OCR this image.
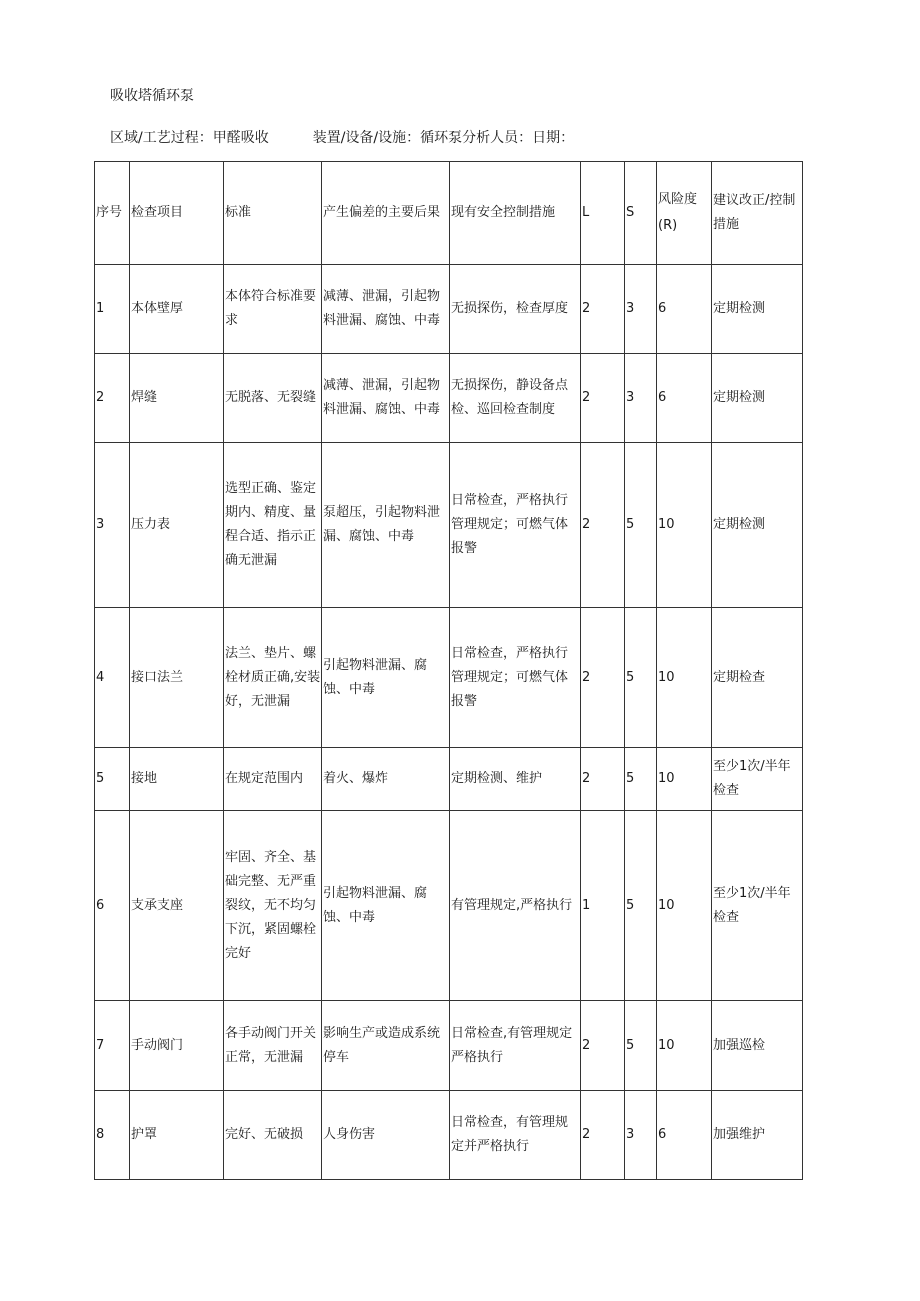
吸收塔循环泵
区域/工艺过程：甲醛吸收	装置/设备/设施：循环泵分析人员：日期：
序号	检查项目	标准	产生偏差的主要后果	现有安全控制措施	L	S	风险度(R)	建议改正/控制措施
1	本体壁厚	本体符合标准要求	减薄、泄漏，引起物料泄漏、腐蚀、中毒	无损探伤，检查厚度	2	3	6	定期检测
2	焊缝	无脱落、无裂缝	减薄、泄漏，引起物料泄漏、腐蚀、中毒	无损探伤，静设备点检、巡回检查制度	2	3	6	定期检测
3	压力表	选型正确、鉴定期内、精度、量程合适、指示正确无泄漏	泵超压，引起物料泄漏、腐蚀、中毒	日常检查，严格执行管理规定；可燃气体报警	2	5	10	定期检测
4	接口法兰	法兰、垫片、螺栓材质正确,安装好，无泄漏	引起物料泄漏、腐蚀、中毒	日常检查，严格执行管理规定；可燃气体报警	2	5	10	定期检查
5	接地	在规定范围内	着火、爆炸	定期检测、维护	2	5	10	至少1次/半年检查
6	支承支座	牢固、齐全、基础完整、无严重裂纹，无不均匀下沉，紧固螺栓完好	引起物料泄漏、腐蚀、中毒	有管理规定,严格执行	1	5	10	至少1次/半年检查
7	手动阀门	各手动阀门开关正常，无泄漏	影响生产或造成系统停车	日常检查,有管理规定严格执行	2	5	10	加强巡检
8	护罩	完好、无破损	人身伤害	日常检查，有管理规定并严格执行	2	3	6	加强维护
